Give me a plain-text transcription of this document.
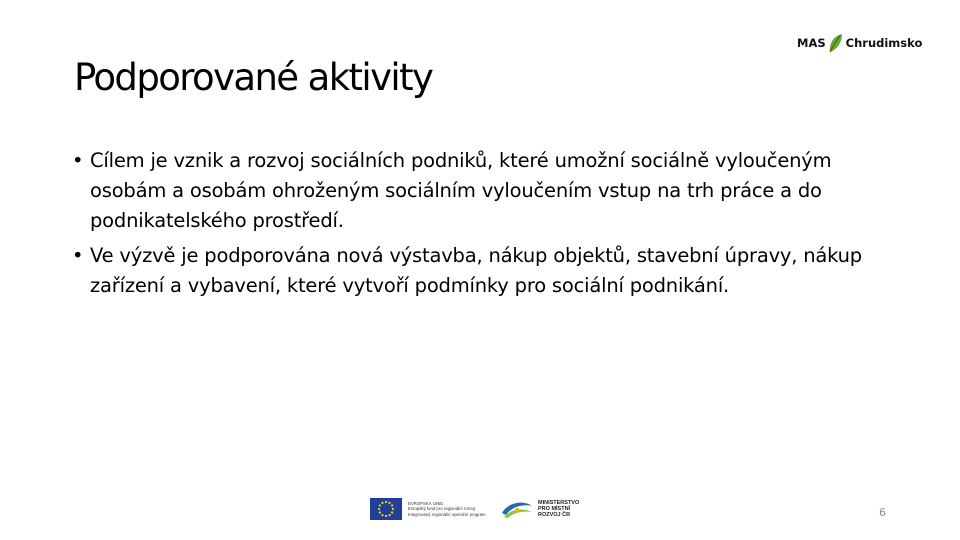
MAS Chrudimsko
Podporované aktivity
• Cílem je vznik a rozvoj sociálních podniků, které umožní sociálně vyloučeným osobám a osobám ohroženým sociálním vyloučením vstup na trh práce a do podnikatelského prostředí.
• Ve výzvě je podporována nová výstavba, nákup objektů, stavební úpravy, nákup zařízení a vybavení, které vytvoří podmínky pro sociální podnikání.
EVROPSKÁ UNIE
Evropský fond pro regionální rozvoj
Integrovaný regionální operační program
MINISTERSTVO
PRO MÍSTNÍ
ROZVOJ ČR	6
